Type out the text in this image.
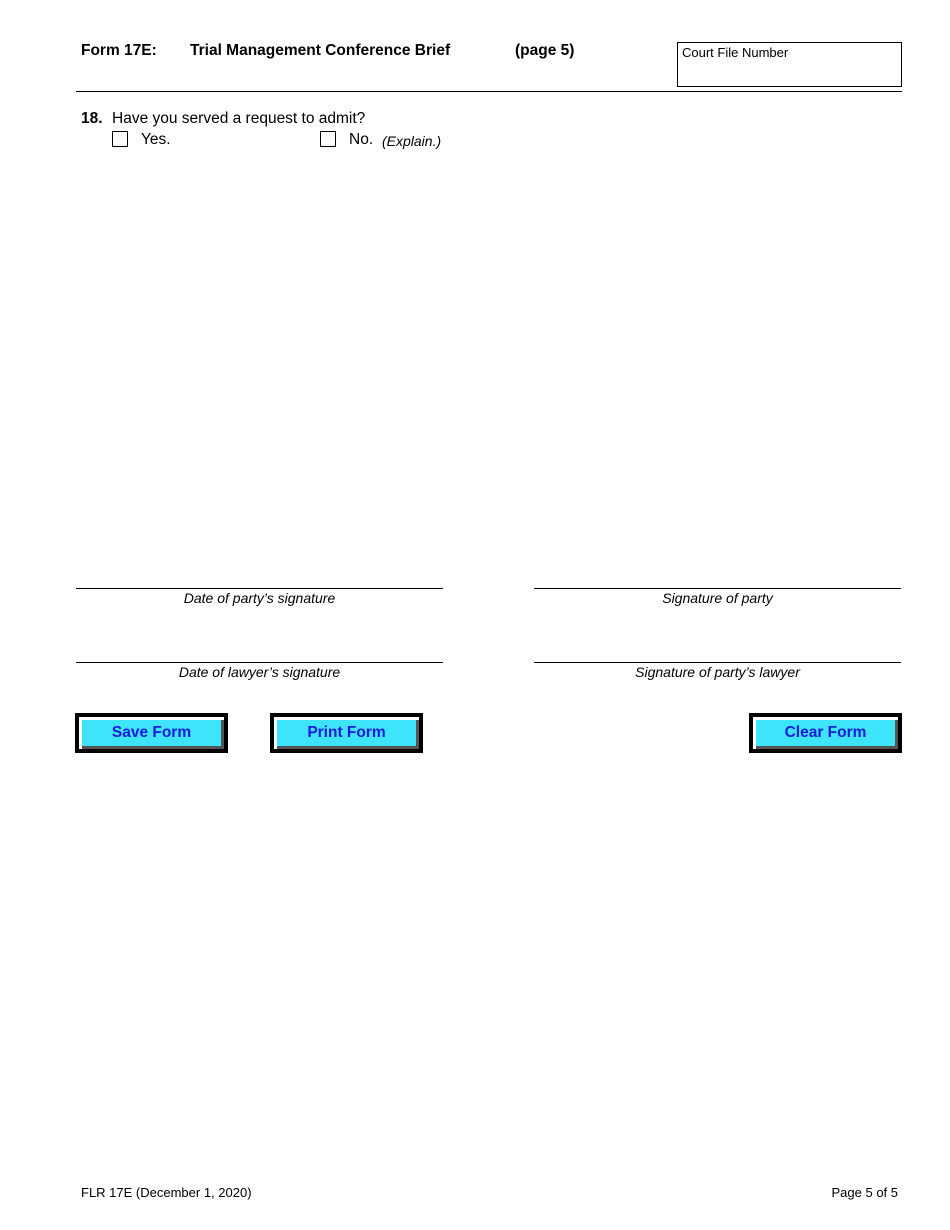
Form 17E: Trial Management Conference Brief	(page 5)	Court File Number
18. Have you served a request to admit?
Yes.	No. (Explain.)
Date of party’s signature	Signature of party
Date of lawyer’s signature	Signature of party’s lawyer
Save Form	Print Form	Clear Form
FLR 17E (December 1, 2020)	Page 5 of 5
